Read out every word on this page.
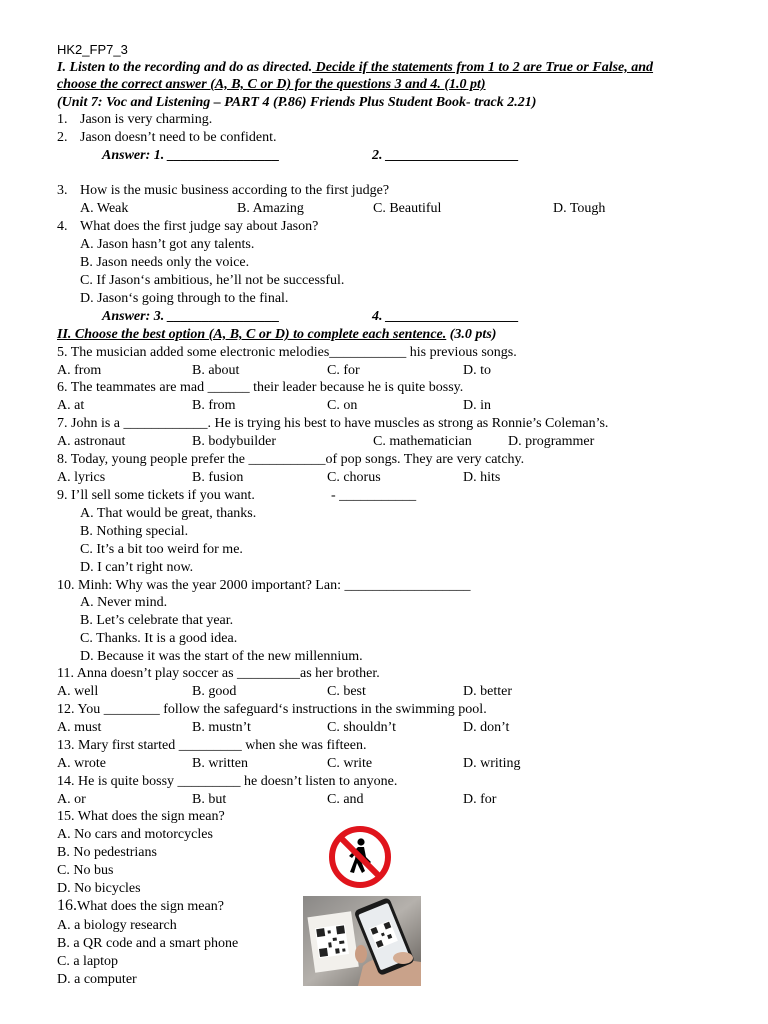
HK2_FP7_3
I. Listen to the recording and do as directed. Decide if the statements from 1 to 2 are True or False, and
choose the correct answer (A, B, C or D) for the questions 3 and 4. (1.0 pt)
(Unit 7: Voc and Listening – PART 4 (P.86) Friends Plus Student Book- track 2.21)
1. Jason is very charming.
2. Jason doesn’t need to be confident.
Answer: 1. ________________	2. ___________________
3. How is the music business according to the first judge?
A. Weak	B. Amazing	C. Beautiful	D. Tough
4. What does the first judge say about Jason?
A. Jason hasn’t got any talents.
B. Jason needs only the voice.
C. If Jason‘s ambitious, he’ll not be successful.
D. Jason‘s going through to the final.
Answer: 3. ________________	4. ___________________
II. Choose the best option (A, B, C or D) to complete each sentence. (3.0 pts)
5. The musician added some electronic melodies___________ his previous songs.
A. from	B. about	C. for	D. to
6. The teammates are mad ______ their leader because he is quite bossy.
A. at	B. from	C. on	D. in
7. John is a ____________. He is trying his best to have muscles as strong as Ronnie’s Coleman’s.
A. astronaut	B. bodybuilder	C. mathematician	D. programmer
8. Today, young people prefer the ___________of pop songs. They are very catchy.
A. lyrics	B. fusion	C. chorus	D. hits
9. I’ll sell some tickets if you want.	- ___________
A. That would be great, thanks.
B. Nothing special.
C. It’s a bit too weird for me.
D. I can’t right now.
10. Minh: Why was the year 2000 important? Lan: __________________
A. Never mind.
B. Let’s celebrate that year.
C. Thanks. It is a good idea.
D. Because it was the start of the new millennium.
11. Anna doesn’t play soccer as _________as her brother.
A. well	B. good	C. best	D. better
12. You ________ follow the safeguard‘s instructions in the swimming pool.
A. must	B. mustn’t	C. shouldn’t	D. don’t
13. Mary first started _________ when she was fifteen.
A. wrote	B. written	C. write	D. writing
14. He is quite bossy _________ he doesn’t listen to anyone.
A. or	B. but	C. and	D. for
15. What does the sign mean?
A. No cars and motorcycles
B. No pedestrians
C. No bus
D. No bicycles
16.What does the sign mean?
A. a biology research
B. a QR code and a smart phone
C. a laptop
D. a computer
